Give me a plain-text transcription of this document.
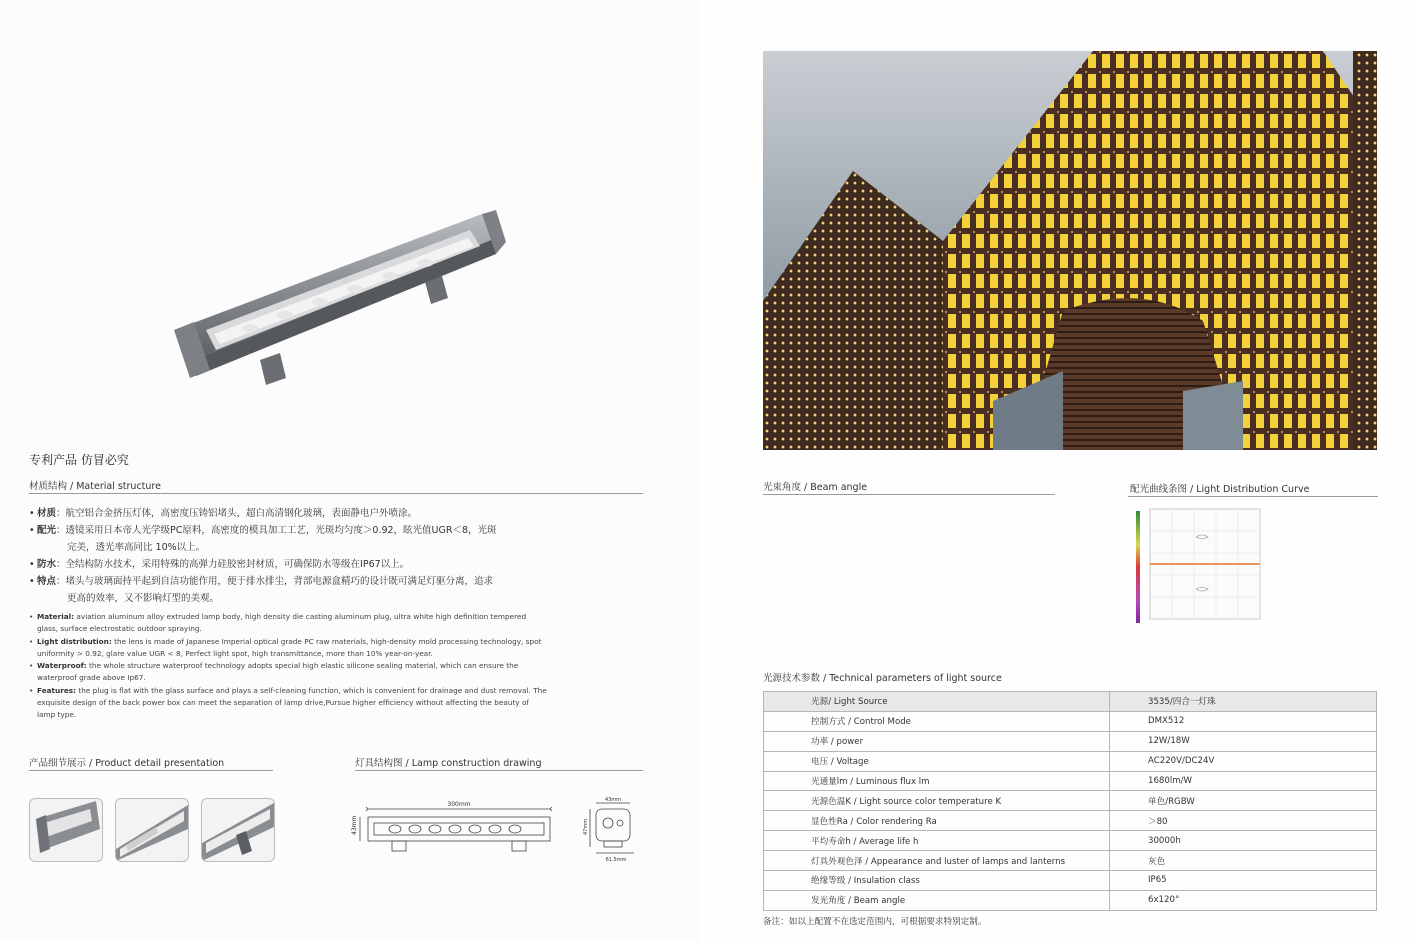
专利产品 仿冒必究
材质结构 / Material structure
• 材质：航空铝合金挤压灯体，高密度压铸铝堵头，超白高清钢化玻璃，表面静电户外喷涂。
• 配光：透镜采用日本帝人光学级PC原料，高密度的模具加工工艺，光斑均匀度＞0.92，眩光值UGR＜8，光斑
完美，透光率高同比 10%以上。
• 防水：全结构防水技术，采用特殊的高弹力硅胶密封材质，可确保防水等级在IP67以上。
• 特点：堵头与玻璃面持平起到自洁功能作用，便于排水排尘，背部电源盒精巧的设计既可满足灯驱分离，追求
更高的效率，又不影响灯型的美观。
• Material: aviation aluminum alloy extruded lamp body, high density die casting aluminum plug, ultra white high definition tempered glass, surface electrostatic outdoor spraying.
• Light distribution: the lens is made of Japanese Imperial optical grade PC raw materials, high-density mold processing technology, spot uniformity > 0.92, glare value UGR < 8, Perfect light spot, high transmittance, more than 10% year-on-year.
• Waterproof: the whole structure waterproof technology adopts special high elastic silicone sealing material, which can ensure the waterproof grade above Ip67.
• Features: the plug is flat with the glass surface and plays a self-cleaning function, which is convenient for drainage and dust removal. The exquisite design of the back power box can meet the separation of lamp drive,Pursue higher efficiency without affecting the beauty of lamp type.
产品细节展示 / Product detail presentation	灯具结构图 / Lamp construction drawing
300mm
43mm
43mm
47mm
61.5mm
光束角度 / Beam angle	配光曲线条图 / Light Distribution Curve
光源技术参数 / Technical parameters of light source
光源/ Light Source	3535/四合一灯珠
控制方式 / Control Mode	DMX512
功率 / power	12W/18W
电压 / Voltage	AC220V/DC24V
光通量lm / Luminous flux lm	1680lm/W
光源色温K / Light source color temperature K	单色/RGBW
显色性Ra / Color rendering Ra	＞80
平均寿命h / Average life h	30000h
灯具外观色泽 / Appearance and luster of lamps and lanterns	灰色
绝缘等级 / Insulation class	IP65
发光角度 / Beam angle	6x120°
备注：如以上配置不在选定范围内，可根据要求特别定制。
